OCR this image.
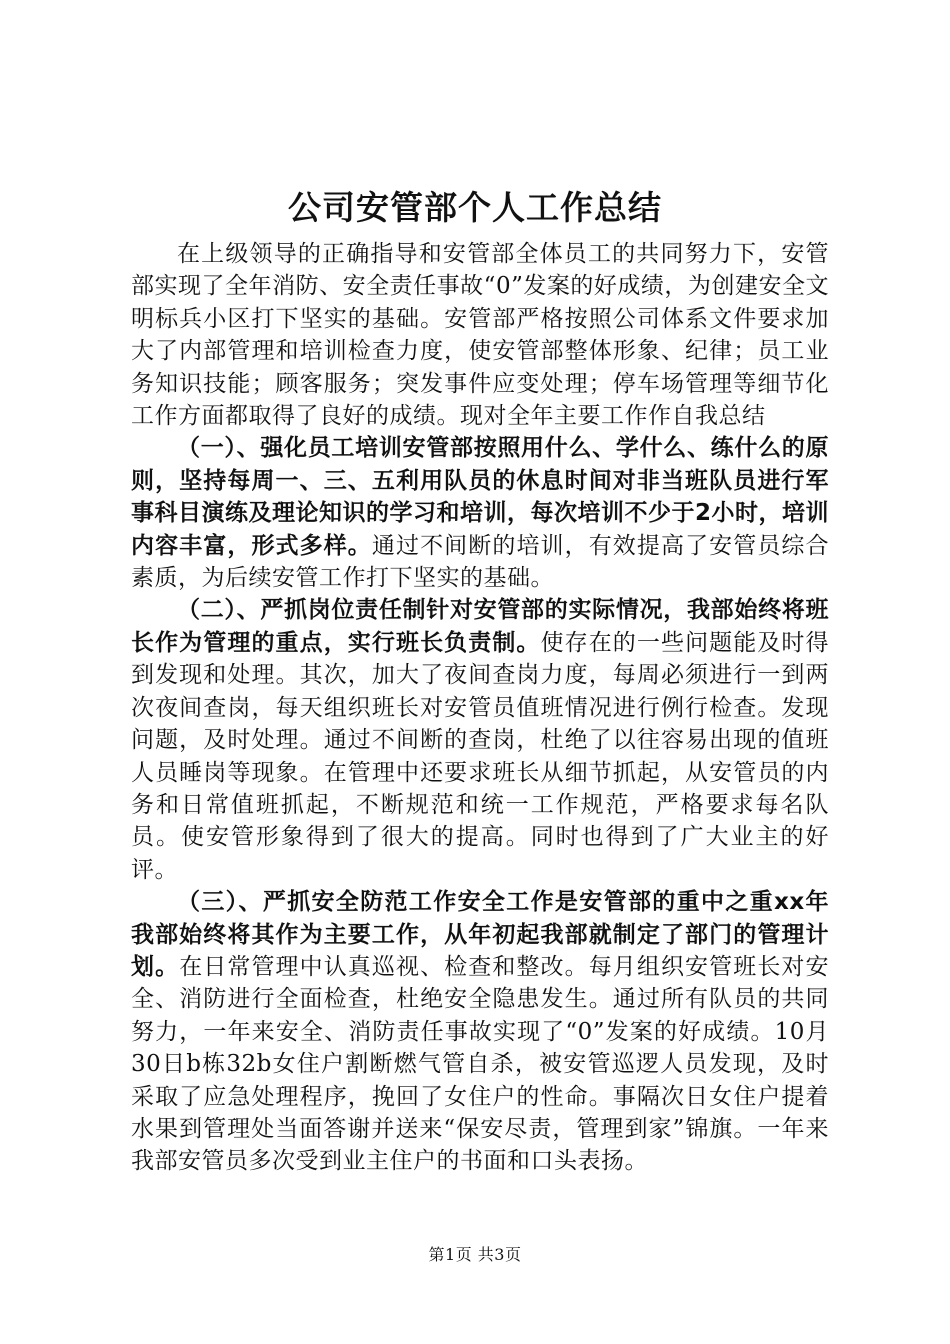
公司安管部个人工作总结

在上级领导的正确指导和安管部全体员工的共同努力下，安管部实现了全年消防、安全责任事故“0”发案的好成绩，为创建安全文明标兵小区打下坚实的基础。安管部严格按照公司体系文件要求加大了内部管理和培训检查力度，使安管部整体形象、纪律；员工业务知识技能；顾客服务；突发事件应变处理；停车场管理等细节化工作方面都取得了良好的成绩。现对全年主要工作作自我总结

（一）、强化员工培训安管部按照用什么、学什么、练什么的原则，坚持每周一、三、五利用队员的休息时间对非当班队员进行军事科目演练及理论知识的学习和培训，每次培训不少于2小时，培训内容丰富，形式多样。通过不间断的培训，有效提高了安管员综合素质，为后续安管工作打下坚实的基础。

（二）、严抓岗位责任制针对安管部的实际情况，我部始终将班长作为管理的重点，实行班长负责制。使存在的一些问题能及时得到发现和处理。其次，加大了夜间查岗力度，每周必须进行一到两次夜间查岗，每天组织班长对安管员值班情况进行例行检查。发现问题，及时处理。通过不间断的查岗，杜绝了以往容易出现的值班人员睡岗等现象。在管理中还要求班长从细节抓起，从安管员的内务和日常值班抓起，不断规范和统一工作规范，严格要求每名队员。使安管形象得到了很大的提高。同时也得到了广大业主的好评。

（三）、严抓安全防范工作安全工作是安管部的重中之重xx年我部始终将其作为主要工作，从年初起我部就制定了部门的管理计划。在日常管理中认真巡视、检查和整改。每月组织安管班长对安全、消防进行全面检查，杜绝安全隐患发生。通过所有队员的共同努力，一年来安全、消防责任事故实现了“0”发案的好成绩。10月30日b栋32b女住户割断燃气管自杀，被安管巡逻人员发现，及时采取了应急处理程序，挽回了女住户的性命。事隔次日女住户提着水果到管理处当面答谢并送来“保安尽责，管理到家”锦旗。一年来我部安管员多次受到业主住户的书面和口头表扬。

第1页 共3页
